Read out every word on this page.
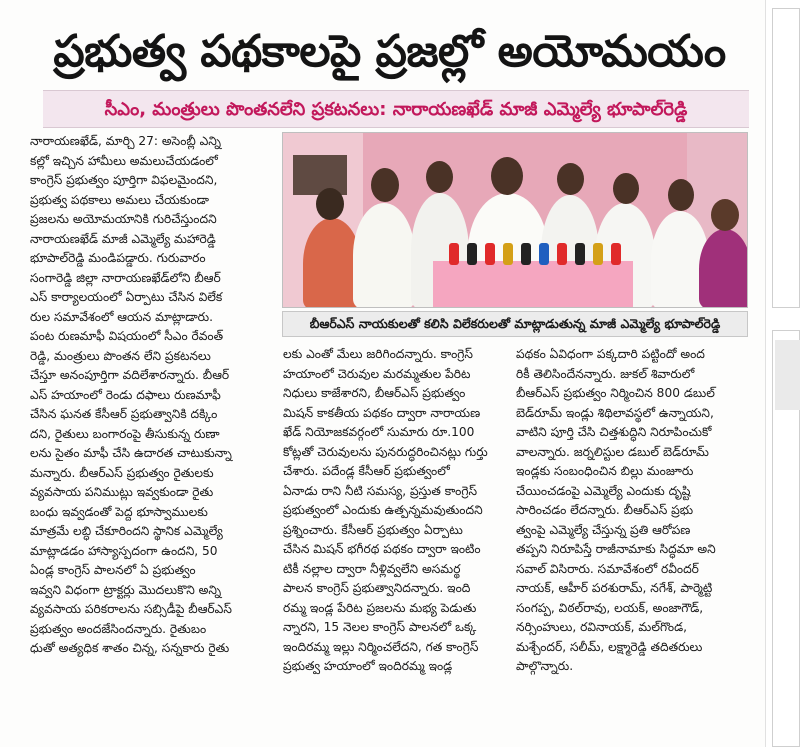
ప్రభుత్వ పథకాలపై ప్రజల్లో అయోమయం
సీఎం, మంత్రులు పొంతనలేని ప్రకటనలు: నారాయణఖేడ్‌ మాజీ ఎమ్మెల్యే భూపాల్‌రెడ్డి

నారాయణఖేడ్‌, మార్చి 27: అసెంబ్లీ ఎన్ని

కల్లో ఇచ్చిన హామీలు అమలుచేయడంలో

కాంగ్రెస్‌ ప్రభుత్వం పూర్తిగా విఫలమైందని,

ప్రభుత్వ పథకాలు అమలు చేయకుండా

ప్రజలను అయోమయానికి గురిచేస్తుందని

నారాయణఖేడ్‌ మాజీ ఎమ్మెల్యే మహారెడ్డి

భూపాల్‌రెడ్డి మండిపడ్డారు. గురువారం

సంగారెడ్డి జిల్లా నారాయణఖేడ్‌లోని బీఆర్‌

ఎస్‌ కార్యాలయంలో ఏర్పాటు చేసిన విలేక

రుల సమావేశంలో ఆయన మాట్లాడారు.

పంట రుణమాఫీ విషయంలో సీఎం రేవంత్‌

రెడ్డి, మంత్రులు పొంతన లేని ప్రకటనలు

చేస్తూ అనంపూర్తిగా వదిలేశారన్నారు. బీఆర్‌

ఎస్‌ హయాంలో రెండు దఫాలు రుణమాఫీ

చేసిన ఘనత కేసీఆర్‌ ప్రభుత్వానికి దక్కిం

దని, రైతులు బంగారంపై తీసుకున్న రుణా

లను సైతం మాఫీ చేసి ఉదారత చాటుకున్నా

మన్నారు. బీఆర్‌ఎస్‌ ప్రభుత్వం రైతులకు

వ్యవసాయ పనిముట్లు ఇవ్వకుండా రైతు

బంధు ఇవ్వడంతో పెద్ద భూస్వాములకు

మాత్రమే లబ్ధి చేకూరిందని స్థానిక ఎమ్మెల్యే

మాట్లాడడం హాస్యాస్పదంగా ఉందని, 50

ఏండ్ల కాంగ్రెస్‌ పాలనలో ఏ ప్రభుత్వం

ఇవ్వని విధంగా ట్రాక్టర్లు మొదలుకొని అన్ని

వ్యవసాయ పరికరాలను సబ్సిడీపై బీఆర్‌ఎస్‌

ప్రభుత్వం అందజేసిందన్నారు. రైతుబం

ధుతో అత్యధిక శాతం చిన్న, సన్నకారు రైతు

బీఆర్‌ఎస్‌ నాయకులతో కలిసి విలేకరులతో మాట్లాడుతున్న మాజీ ఎమ్మెల్యే భూపాల్‌రెడ్డి

లకు ఎంతో మేలు జరిగిందన్నారు. కాంగ్రెస్‌

హయాంలో చెరువుల మరమ్మతుల పేరిట

నిధులు కాజేశారని, బీఆర్‌ఎస్‌ ప్రభుత్వం

మిషన్‌ కాకతీయ పథకం ద్వారా నారాయణ

ఖేడ్‌ నియోజకవర్గంలో సుమారు రూ.100

కోట్లతో చెరువులను పునరుద్ధరించినట్లు గుర్తు

చేశారు. పదేండ్ల కేసీఆర్‌ ప్రభుత్వంలో

ఏనాడు రాని నీటి సమస్య, ప్రస్తుత కాంగ్రెస్‌

ప్రభుత్వంలో ఎందుకు ఉత్పన్నమవుతుందని

ప్రశ్నించారు. కేసీఆర్‌ ప్రభుత్వం ఏర్పాటు

చేసిన మిషన్‌ భగీరథ పథకం ద్వారా ఇంటిం

టికీ నల్లాల ద్వారా నీళ్లివ్వలేని అసమర్థ

పాలన కాంగ్రెస్‌ ప్రభుత్వానిదన్నారు. ఇంది

రమ్మ ఇండ్ల పేరిట ప్రజలను మభ్య పెడుతు

న్నారని, 15 నెలల కాంగ్రెస్‌ పాలనలో ఒక్క

ఇందిరమ్మ ఇల్లు నిర్మించలేదని, గత కాంగ్రెస్‌

ప్రభుత్వ హయాంలో ఇందిరమ్మ ఇండ్ల

పథకం ఏవిధంగా పక్కదారి పట్టిందో అంద

రికీ తెలిసిందేనన్నారు. జుకల్‌ శివారులో

బీఆర్‌ఎస్‌ ప్రభుత్వం నిర్మించిన 800 డబుల్‌

బెడ్‌రూమ్‌ ఇండ్లు శిథిలావస్థలో ఉన్నాయని,

వాటిని పూర్తి చేసి చిత్తశుద్ధిని నిరూపించుకో

వాలన్నారు. జర్నలిస్టుల డబుల్‌ బెడ్‌రూమ్‌

ఇండ్లకు సంబంధించిన బిల్లు మంజూరు

చేయించడంపై ఎమ్మెల్యే ఎందుకు దృష్టి

సారించడం లేదన్నారు. బీఆర్‌ఎస్‌ ప్రభు

త్వంపై ఎమ్మెల్యే చేస్తున్న ప్రతి ఆరోపణ

తప్పని నిరూపిస్తే రాజీనామాకు సిద్ధమా అని

సవాల్‌ విసిరారు. సమావేశంలో రవీందర్‌

నాయక్‌, ఆహీర్‌ పరశురామ్‌, నగేశ్‌, పార్మెట్టి

సంగప్ప, విఠల్‌రావు, లయక్‌, అంజాగౌడ్‌,

నర్సింహులు, రవినాయక్‌, మల్‌గొండ,

మశ్చేందర్‌, సలీమ్‌, లక్ష్మారెడ్డి తదితరులు

పాల్గొన్నారు.
